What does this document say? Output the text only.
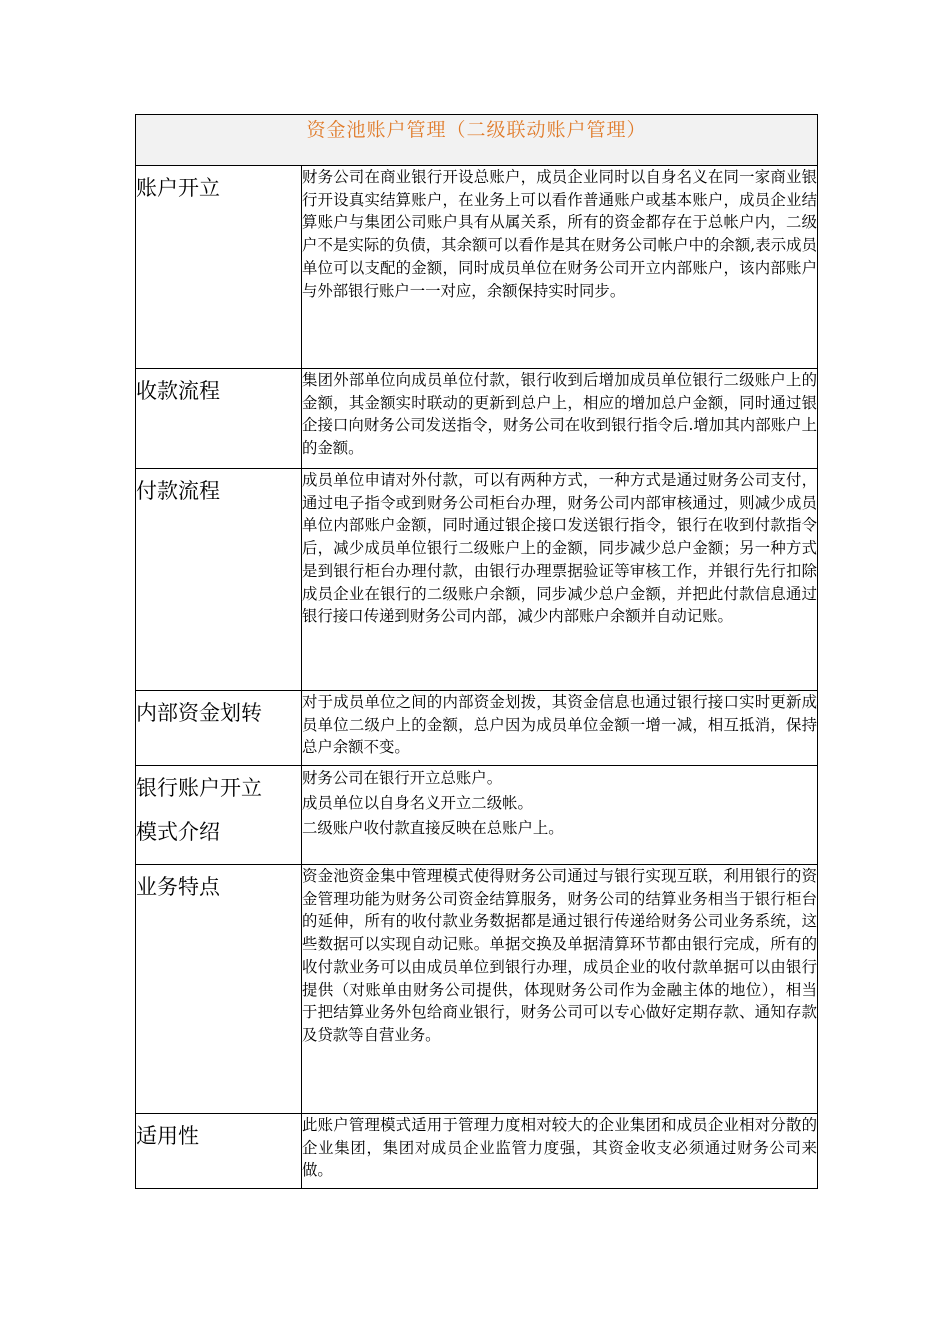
资金池账户管理（二级联动账户管理）	
账户开立	财务公司在商业银行开设总账户，成员企业同时以自身名义在同一家商业银行开设真实结算账户，在业务上可以看作普通账户或基本账户，成员企业结算账户与集团公司账户具有从属关系，所有的资金都存在于总帐户内，二级户不是实际的负债，其余额可以看作是其在财务公司帐户中的余额,表示成员单位可以支配的金额，同时成员单位在财务公司开立内部账户，该内部账户与外部银行账户一一对应，余额保持实时同步。
收款流程	集团外部单位向成员单位付款，银行收到后增加成员单位银行二级账户上的金额，其金额实时联动的更新到总户上，相应的增加总户金额，同时通过银企接口向财务公司发送指令，财务公司在收到银行指令后.增加其内部账户上的金额。
付款流程	成员单位申请对外付款，可以有两种方式，一种方式是通过财务公司支付，通过电子指令或到财务公司柜台办理，财务公司内部审核通过，则减少成员单位内部账户金额，同时通过银企接口发送银行指令，银行在收到付款指令后，减少成员单位银行二级账户上的金额，同步减少总户金额；另一种方式是到银行柜台办理付款，由银行办理票据验证等审核工作，并银行先行扣除成员企业在银行的二级账户余额，同步减少总户金额，并把此付款信息通过银行接口传递到财务公司内部，减少内部账户余额并自动记账。
内部资金划转	对于成员单位之间的内部资金划拨，其资金信息也通过银行接口实时更新成员单位二级户上的金额，总户因为成员单位金额一增一减，相互抵消，保持总户余额不变。

银行账户开立
模式介绍	财务公司在银行开立总账户。
成员单位以自身名义开立二级帐。
二级账户收付款直接反映在总账户上。

业务特点	资金池资金集中管理模式使得财务公司通过与银行实现互联，利用银行的资金管理功能为财务公司资金结算服务，财务公司的结算业务相当于银行柜台的延伸，所有的收付款业务数据都是通过银行传递给财务公司业务系统，这些数据可以实现自动记账。单据交换及单据清算环节都由银行完成，所有的收付款业务可以由成员单位到银行办理，成员企业的收付款单据可以由银行提供（对账单由财务公司提供，体现财务公司作为金融主体的地位），相当于把结算业务外包给商业银行，财务公司可以专心做好定期存款、通知存款及贷款等自营业务。
适用性	此账户管理模式适用于管理力度相对较大的企业集团和成员企业相对分散的企业集团，集团对成员企业监管力度强，其资金收支必须通过财务公司来做。
